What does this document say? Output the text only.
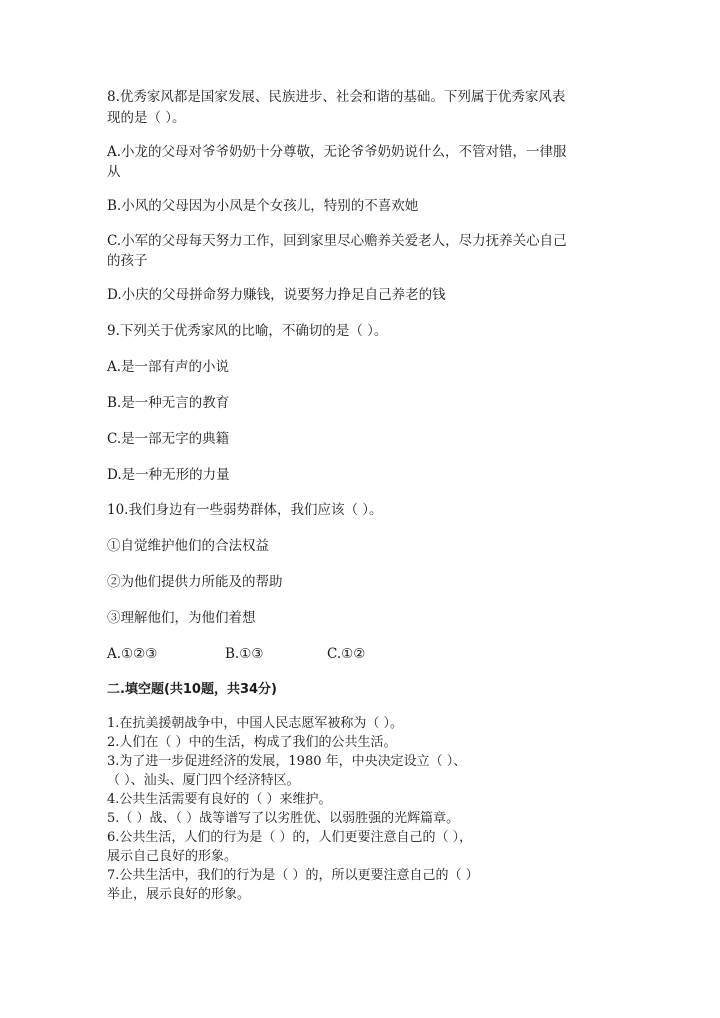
8.优秀家风都是国家发展、民族进步、社会和谐的基础。下列属于优秀家风表
现的是（ ）。
A.小龙的父母对爷爷奶奶十分尊敬，无论爷爷奶奶说什么，不管对错，一律服
从
B.小风的父母因为小凤是个女孩儿，特别的不喜欢她
C.小军的父母每天努力工作，回到家里尽心赡养关爱老人，尽力抚养关心自己
的孩子
D.小庆的父母拼命努力赚钱，说要努力挣足自己养老的钱
9.下列关于优秀家风的比喻，不确切的是（ ）。
A.是一部有声的小说
B.是一种无言的教育
C.是一部无字的典籍
D.是一种无形的力量
10.我们身边有一些弱势群体，我们应该（ ）。
①自觉维护他们的合法权益
②为他们提供力所能及的帮助
③理解他们，为他们着想
A.①②③	B.①③	C.①②
二.填空题(共10题，共34分)
1.在抗美援朝战争中，中国人民志愿军被称为（ ）。
2.人们在（ ）中的生活，构成了我们的公共生活。
3.为了进一步促进经济的发展，1980 年，中央决定设立（ ）、
（ ）、汕头、厦门四个经济特区。
4.公共生活需要有良好的（ ）来维护。
5.（ ）战、（ ）战等谱写了以劣胜优、以弱胜强的光辉篇章。
6.公共生活，人们的行为是（ ）的，人们更要注意自己的（ ），
展示自己良好的形象。
7.公共生活中，我们的行为是（ ）的，所以更要注意自己的（ ）
举止，展示良好的形象。
